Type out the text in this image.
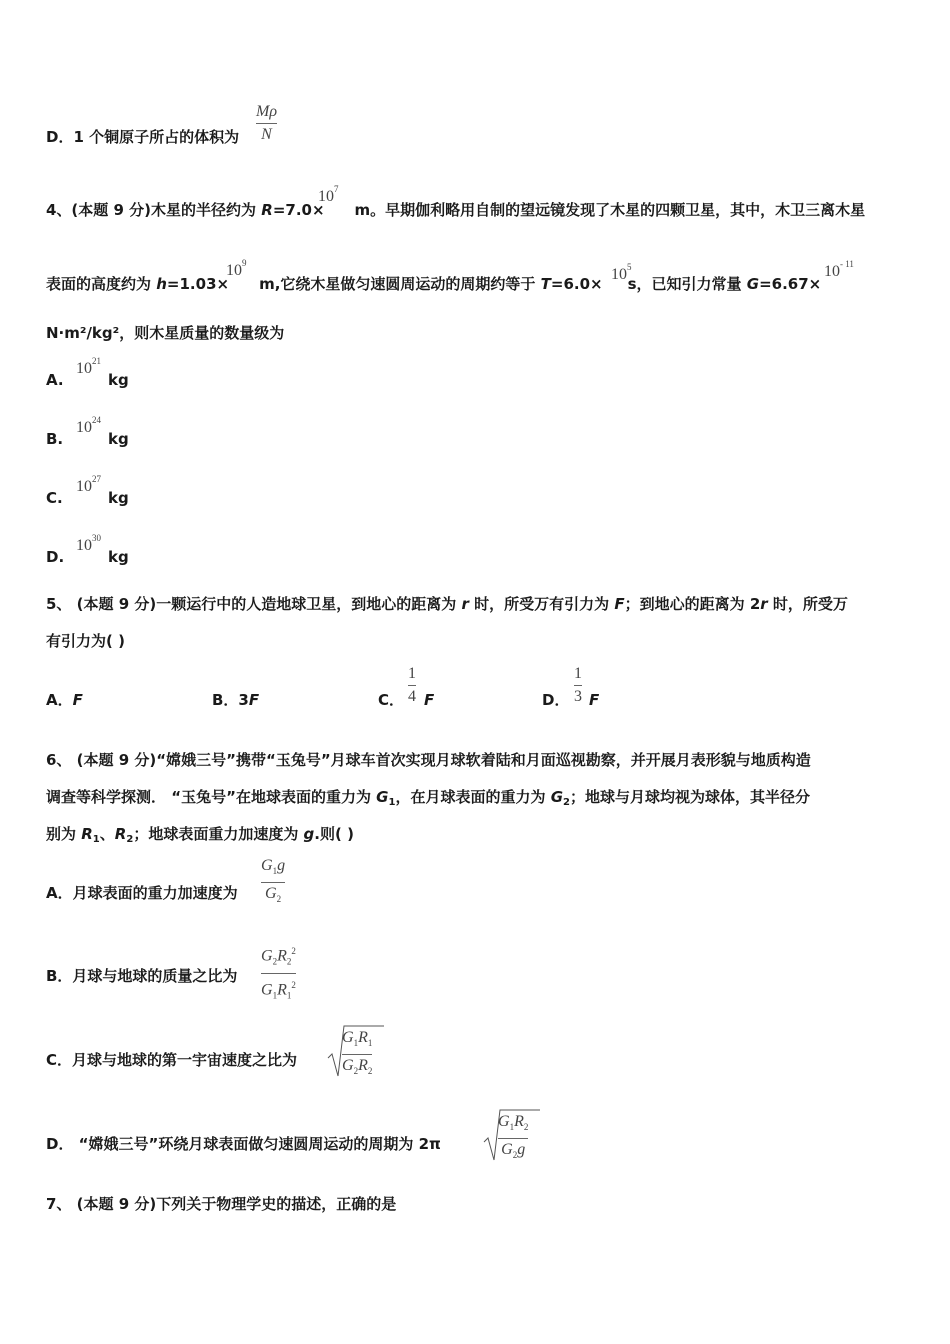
D．1 个铜原子所占的体积为
Mρ
N
4、(本题 9 分)木星的半径约为 R=7.0× m。早期伽利略用自制的望远镜发现了木星的四颗卫星，其中，木卫三离木星
$10^7$
表面的高度约为 h=1.03× m,它绕木星做匀速圆周运动的周期约等于 T=6.0× s，已知引力常量 G=6.67×
$10^9$
$10^5$	$10^{- 11}$
N·m²/kg²，则木星质量的数量级为
A.
$10^{21}$
kg
B.
$10^{24}$
kg
C.
$10^{27}$
kg
D.
$10^{30}$
kg
5、 (本题 9 分)一颗运行中的人造地球卫星，到地心的距离为 r 时，所受万有引力为 F；到地心的距离为 2r 时，所受万
有引力为( )
A．F	B．3F	C．
1
4 F	D．
1
3 F
6、 (本题 9 分)“嫦娥三号”携带“玉兔号”月球车首次实现月球软着陆和月面巡视勘察，并开展月表形貌与地质构造
调查等科学探测． “玉兔号”在地球表面的重力为 $G_1$，在月球表面的重力为 $G_2$；地球与月球均视为球体，其半径分
别为 $R_1$、$R_2$；地球表面重力加速度为 g.则( )
A．月球表面的重力加速度为
$G_1g$
$G_2$
B．月球与地球的质量之比为
$G_2R_2^2$
$G_1R_1^2$
C．月球与地球的第一宇宙速度之比为
$G_1R_1$
$G_2R_2$
D． “嫦娥三号”环绕月球表面做匀速圆周运动的周期为 2π
$G_1R_2$
$G_2g$
7、 (本题 9 分)下列关于物理学史的描述，正确的是
